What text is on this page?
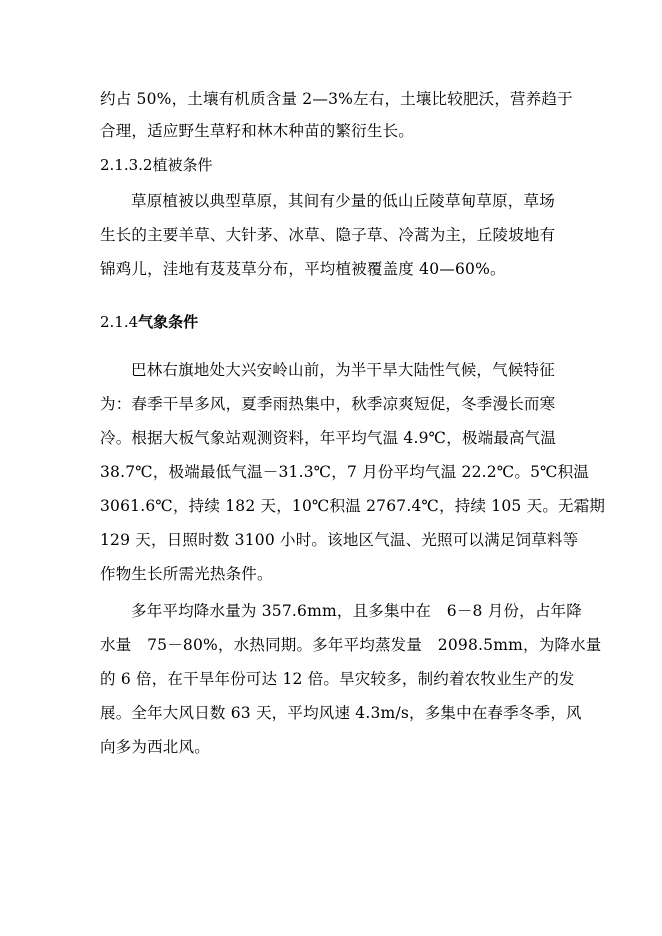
约占 50%，土壤有机质含量 2—3%左右，土壤比较肥沃，营养趋于
合理，适应野生草籽和林木种苗的繁衍生长。
2.1.3.2植被条件
草原植被以典型草原，其间有少量的低山丘陵草甸草原，草场
生长的主要羊草、大针茅、冰草、隐子草、冷蒿为主，丘陵坡地有
锦鸡儿，洼地有芨芨草分布，平均植被覆盖度 40—60%。
2.1.4气象条件
巴林右旗地处大兴安岭山前，为半干旱大陆性气候，气候特征
为：春季干旱多风，夏季雨热集中，秋季凉爽短促，冬季漫长而寒
冷。根据大板气象站观测资料，年平均气温 4.9℃，极端最高气温
38.7℃，极端最低气温－31.3℃，7 月份平均气温 22.2℃。5℃积温
3061.6℃，持续 182 天，10℃积温 2767.4℃，持续 105 天。无霜期
129 天，日照时数 3100 小时。该地区气温、光照可以满足饲草料等
作物生长所需光热条件。
多年平均降水量为 357.6mm，且多集中在　6－8 月份，占年降
水量　75－80%，水热同期。多年平均蒸发量　2098.5mm，为降水量
的 6 倍，在干旱年份可达 12 倍。旱灾较多，制约着农牧业生产的发
展。全年大风日数 63 天，平均风速 4.3m/s，多集中在春季冬季，风
向多为西北风。
